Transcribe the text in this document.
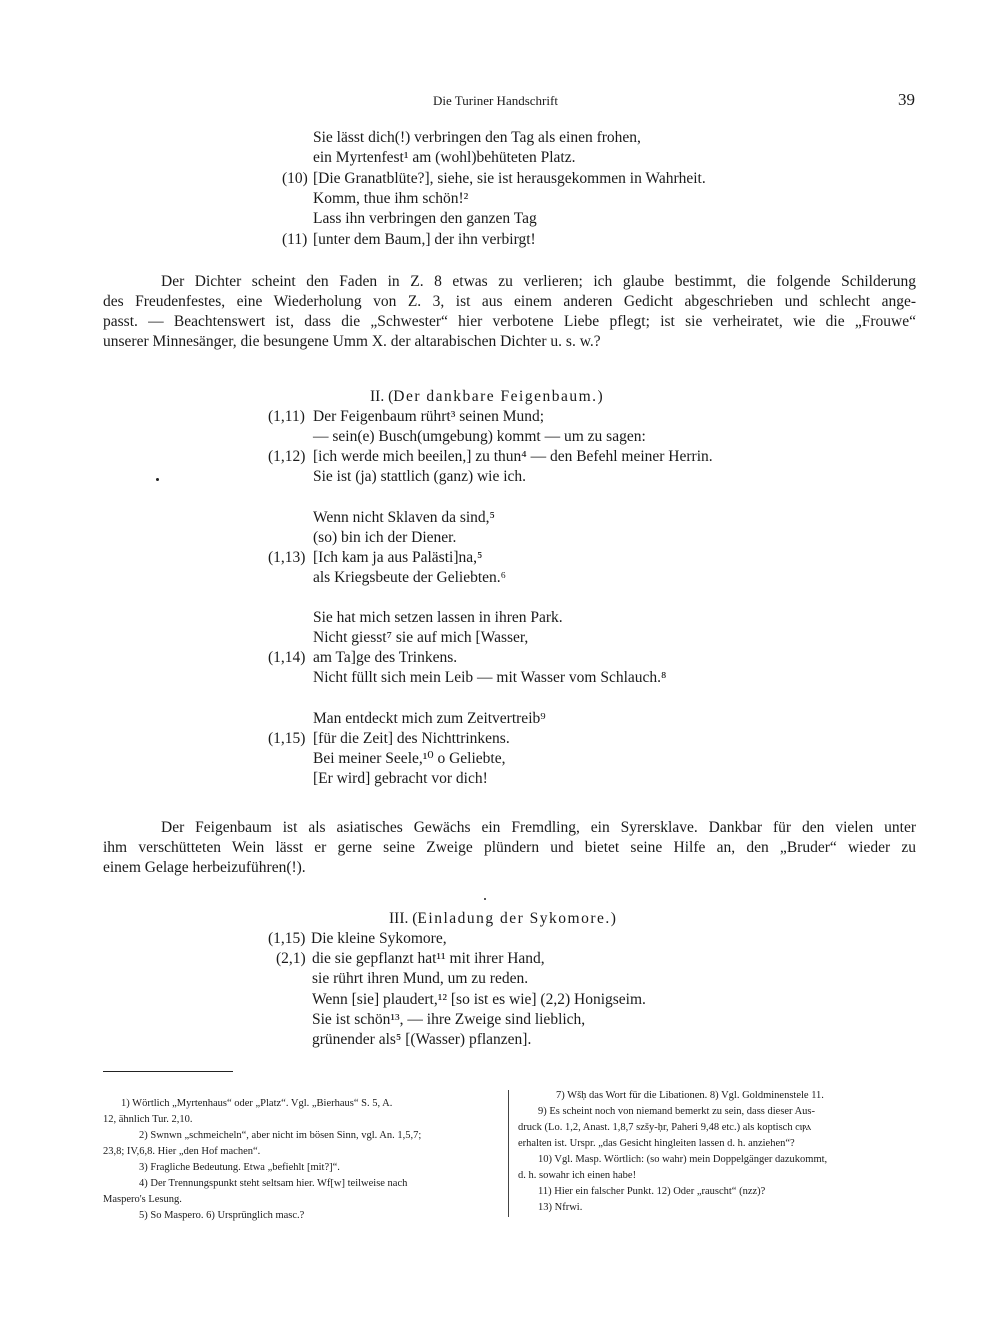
Die Turiner Handschrift	39
Sie lässt dich(!) verbringen den Tag als einen frohen,
ein Myrtenfest¹ am (wohl)behüteten Platz.
(10) [Die Granatblüte?], siehe, sie ist herausgekommen in Wahrheit.
Komm, thue ihm schön!²
Lass ihn verbringen den ganzen Tag
(11) [unter dem Baum,] der ihn verbirgt!
Der Dichter scheint den Faden in Z. 8 etwas zu verlieren; ich glaube bestimmt, die folgende Schilderung
des Freudenfestes, eine Wiederholung von Z. 3, ist aus einem anderen Gedicht abgeschrieben und schlecht ange-
passt. — Beachtenswert ist, dass die „Schwester“ hier verbotene Liebe pflegt; ist sie verheiratet, wie die „Frouwe“
unserer Minnesänger, die besungene Umm X. der altarabischen Dichter u. s. w.?
II. (Der dankbare Feigenbaum.)
(1,11) Der Feigenbaum rührt³ seinen Mund;
— sein(e) Busch(umgebung) kommt — um zu sagen:
(1,12) [ich werde mich beeilen,] zu thun⁴ — den Befehl meiner Herrin.
Sie ist (ja) stattlich (ganz) wie ich.
Wenn nicht Sklaven da sind,⁵
(so) bin ich der Diener.
(1,13) [Ich kam ja aus Palästi]na,⁵
als Kriegsbeute der Geliebten.⁶
Sie hat mich setzen lassen in ihren Park.
Nicht giesst⁷ sie auf mich [Wasser,
(1,14) am Ta]ge des Trinkens.
Nicht füllt sich mein Leib — mit Wasser vom Schlauch.⁸
Man entdeckt mich zum Zeitvertreib⁹
(1,15) [für die Zeit] des Nichttrinkens.
Bei meiner Seele,¹⁰ o Geliebte,
[Er wird] gebracht vor dich!
Der Feigenbaum ist als asiatisches Gewächs ein Fremdling, ein Syrersklave. Dankbar für den vielen unter
ihm verschütteten Wein lässt er gerne seine Zweige plündern und bietet seine Hilfe an, den „Bruder“ wieder zu
einem Gelage herbeizuführen(!).
III. (Einladung der Sykomore.)
(1,15) Die kleine Sykomore,
(2,1) die sie gepflanzt hat¹¹ mit ihrer Hand,
sie rührt ihren Mund, um zu reden.
Wenn [sie] plaudert,¹² [so ist es wie] (2,2) Honigseim.
Sie ist schön¹³, — ihre Zweige sind lieblich,
grünender als⁵ [(Wasser) pflanzen].
1) Wörtlich „Myrtenhaus“ oder „Platz“. Vgl. „Bierhaus“ S. 5, A.
12, ähnlich Tur. 2,10.
2) Swnwn „schmeicheln“, aber nicht im bösen Sinn, vgl. An. 1,5,7;
23,8; IV,6,8. Hier „den Hof machen“.
3) Fragliche Bedeutung. Etwa „befiehlt [mit?]“.
4) Der Trennungspunkt steht seltsam hier. Wf[w] teilweise nach
Maspero's Lesung.
5) So Maspero. 6) Ursprünglich masc.?
7) Wšḥ das Wort für die Libationen. 8) Vgl. Goldminenstele 11.
9) Es scheint noch von niemand bemerkt zu sein, dass dieser Aus-
druck (Lo. 1,2, Anast. 1,8,7 szšy-ḥr, Paheri 9,48 etc.) als koptisch ⲥⲓⲣⲁ
erhalten ist. Urspr. „das Gesicht hingleiten lassen d. h. anziehen“?
10) Vgl. Masp. Wörtlich: (so wahr) mein Doppelgänger dazukommt,
d. h. sowahr ich einen habe!
11) Hier ein falscher Punkt. 12) Oder „rauscht“ (nzz)?
13) Nfrwi.
